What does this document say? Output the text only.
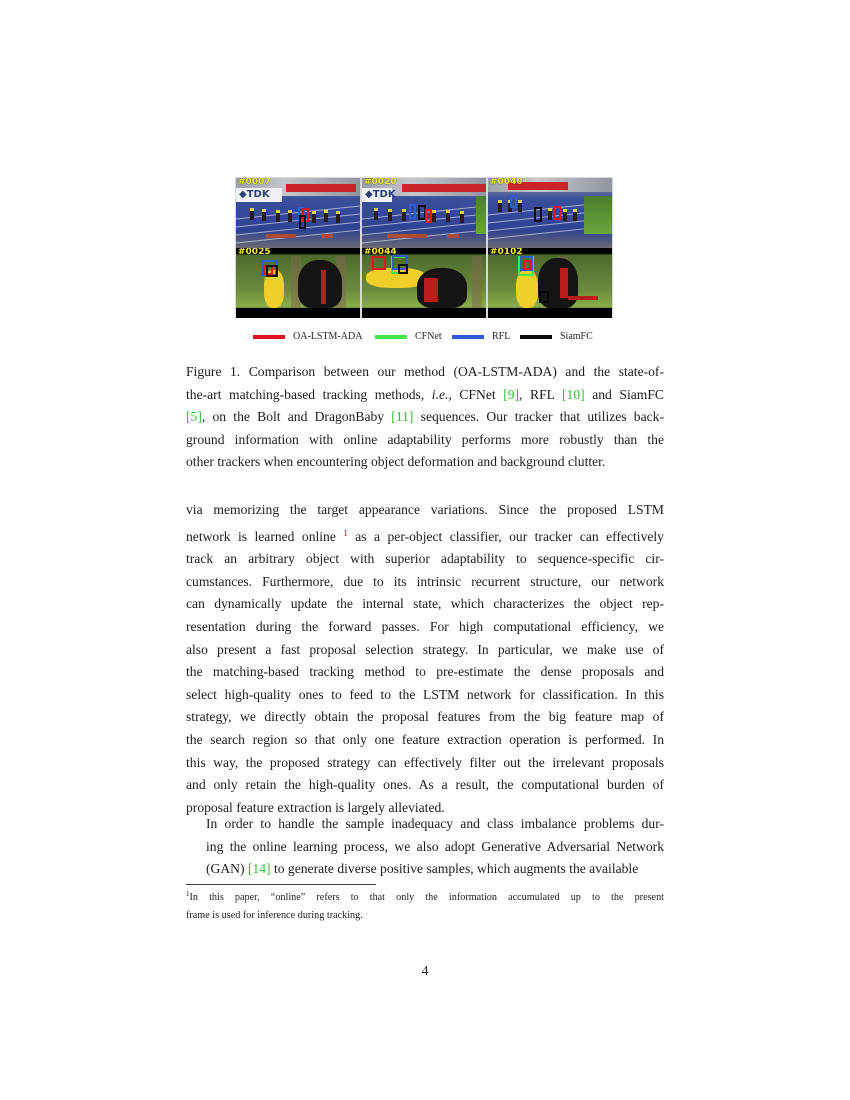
◆TDK
#0007
◆TDK
#0020	#0040
#0025	#0044	#0102
OA-LSTM-ADA	CFNet	RFL	SiamFC
Figure 1. Comparison between our method (OA-LSTM-ADA) and the state-of-
the-art matching-based tracking methods, i.e., CFNet [9], RFL [10] and SiamFC
[5], on the Bolt and DragonBaby [11] sequences. Our tracker that utilizes back-
ground information with online adaptability performs more robustly than the
other trackers when encountering object deformation and background clutter.
via memorizing the target appearance variations. Since the proposed LSTM
network is learned online $^1$ as a per-object classifier, our tracker can effectively
track an arbitrary object with superior adaptability to sequence-specific cir-
cumstances. Furthermore, due to its intrinsic recurrent structure, our network
can dynamically update the internal state, which characterizes the object rep-
resentation during the forward passes. For high computational efficiency, we
also present a fast proposal selection strategy. In particular, we make use of
the matching-based tracking method to pre-estimate the dense proposals and
select high-quality ones to feed to the LSTM network for classification. In this
strategy, we directly obtain the proposal features from the big feature map of
the search region so that only one feature extraction operation is performed. In
this way, the proposed strategy can effectively filter out the irrelevant proposals
and only retain the high-quality ones. As a result, the computational burden of
proposal feature extraction is largely alleviated.
In order to handle the sample inadequacy and class imbalance problems dur-
ing the online learning process, we also adopt Generative Adversarial Network
(GAN) [14] to generate diverse positive samples, which augments the available
$^1$In this paper, “online” refers to that only the information accumulated up to the present
frame is used for inference during tracking.
4
